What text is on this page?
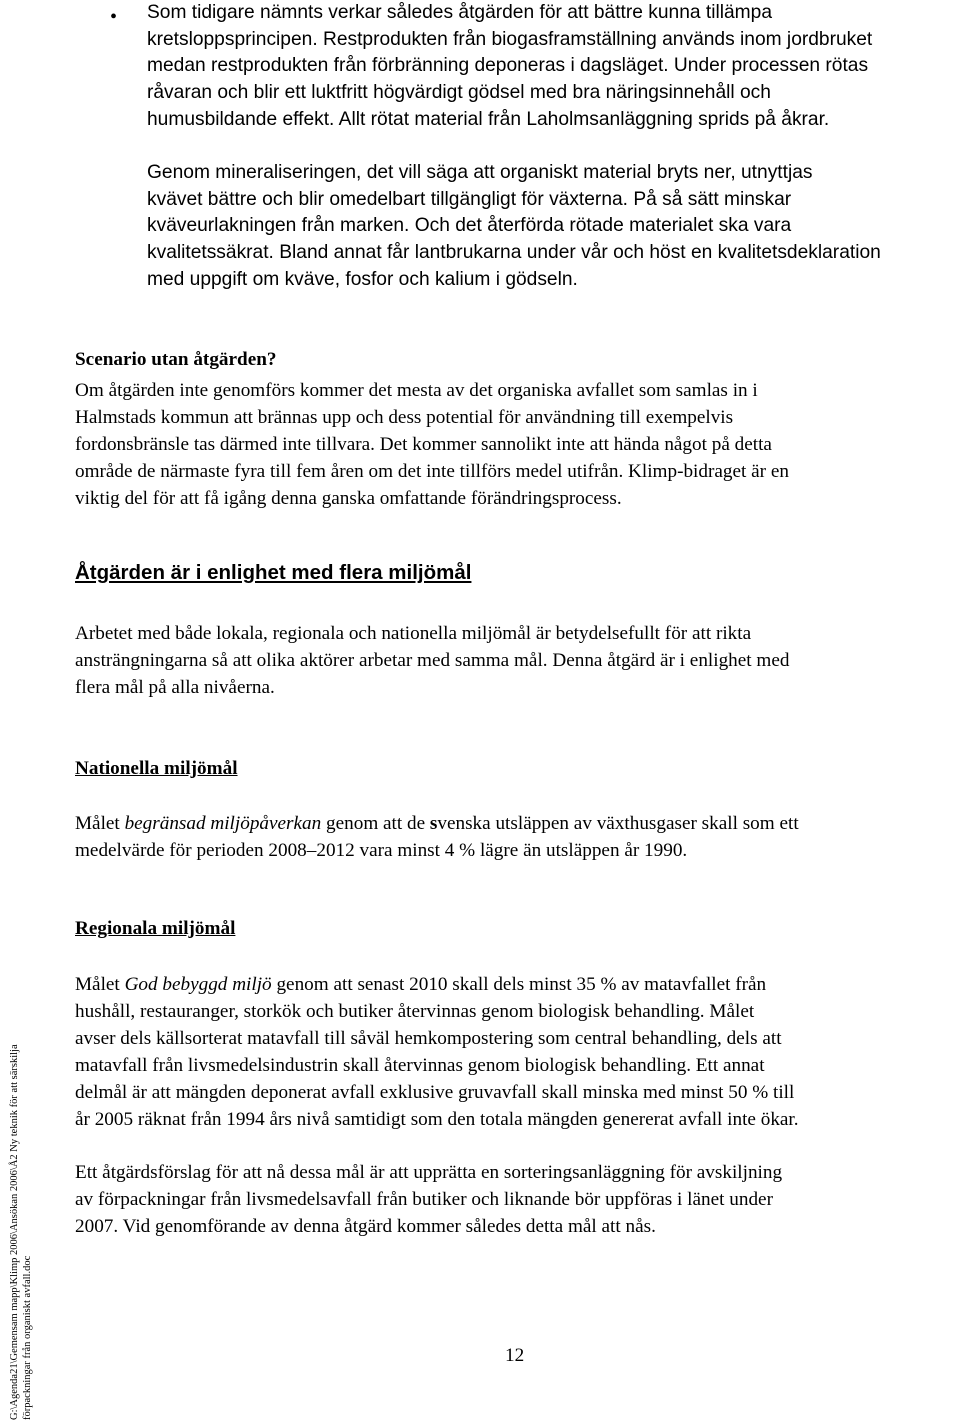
• Som tidigare nämnts verkar således åtgärden för att bättre kunna tillämpa
kretsloppsprincipen. Restprodukten från biogasframställning används inom jordbruket
medan restprodukten från förbränning deponeras i dagsläget. Under processen rötas
råvaran och blir ett luktfritt högvärdigt gödsel med bra näringsinnehåll och
humusbildande effekt. Allt rötat material från Laholmsanläggning sprids på åkrar.
Genom mineraliseringen, det vill säga att organiskt material bryts ner, utnyttjas
kvävet bättre och blir omedelbart tillgängligt för växterna. På så sätt minskar
kväveurlakningen från marken. Och det återförda rötade materialet ska vara
kvalitetssäkrat. Bland annat får lantbrukarna under vår och höst en kvalitetsdeklaration
med uppgift om kväve, fosfor och kalium i gödseln.
Scenario utan åtgärden?
Om åtgärden inte genomförs kommer det mesta av det organiska avfallet som samlas in i
Halmstads kommun att brännas upp och dess potential för användning till exempelvis
fordonsbränsle tas därmed inte tillvara. Det kommer sannolikt inte att hända något på detta
område de närmaste fyra till fem åren om det inte tillförs medel utifrån. Klimp-bidraget är en
viktig del för att få igång denna ganska omfattande förändringsprocess.
Åtgärden är i enlighet med flera miljömål
Arbetet med både lokala, regionala och nationella miljömål är betydelsefullt för att rikta
ansträngningarna så att olika aktörer arbetar med samma mål. Denna åtgärd är i enlighet med
flera mål på alla nivåerna.
Nationella miljömål
Målet begränsad miljöpåverkan genom att de svenska utsläppen av växthusgaser skall som ett
medelvärde för perioden 2008–2012 vara minst 4 % lägre än utsläppen år 1990.
Regionala miljömål
Målet God bebyggd miljö genom att senast 2010 skall dels minst 35 % av matavfallet från
hushåll, restauranger, storkök och butiker återvinnas genom biologisk behandling. Målet
avser dels källsorterat matavfall till såväl hemkompostering som central behandling, dels att
matavfall från livsmedelsindustrin skall återvinnas genom biologisk behandling. Ett annat
delmål är att mängden deponerat avfall exklusive gruvavfall skall minska med minst 50 % till
år 2005 räknat från 1994 års nivå samtidigt som den totala mängden genererat avfall inte ökar.
Ett åtgärdsförslag för att nå dessa mål är att upprätta en sorteringsanläggning för avskiljning
av förpackningar från livsmedelsavfall från butiker och liknande bör uppföras i länet under
2007. Vid genomförande av denna åtgärd kommer således detta mål att nås.
G:\Agenda21\Gemensam mapp\Klimp 2006\Ansökan 2006\Å2 Ny teknik för att särskilja förpackningar från organiskt avfall.doc	12
